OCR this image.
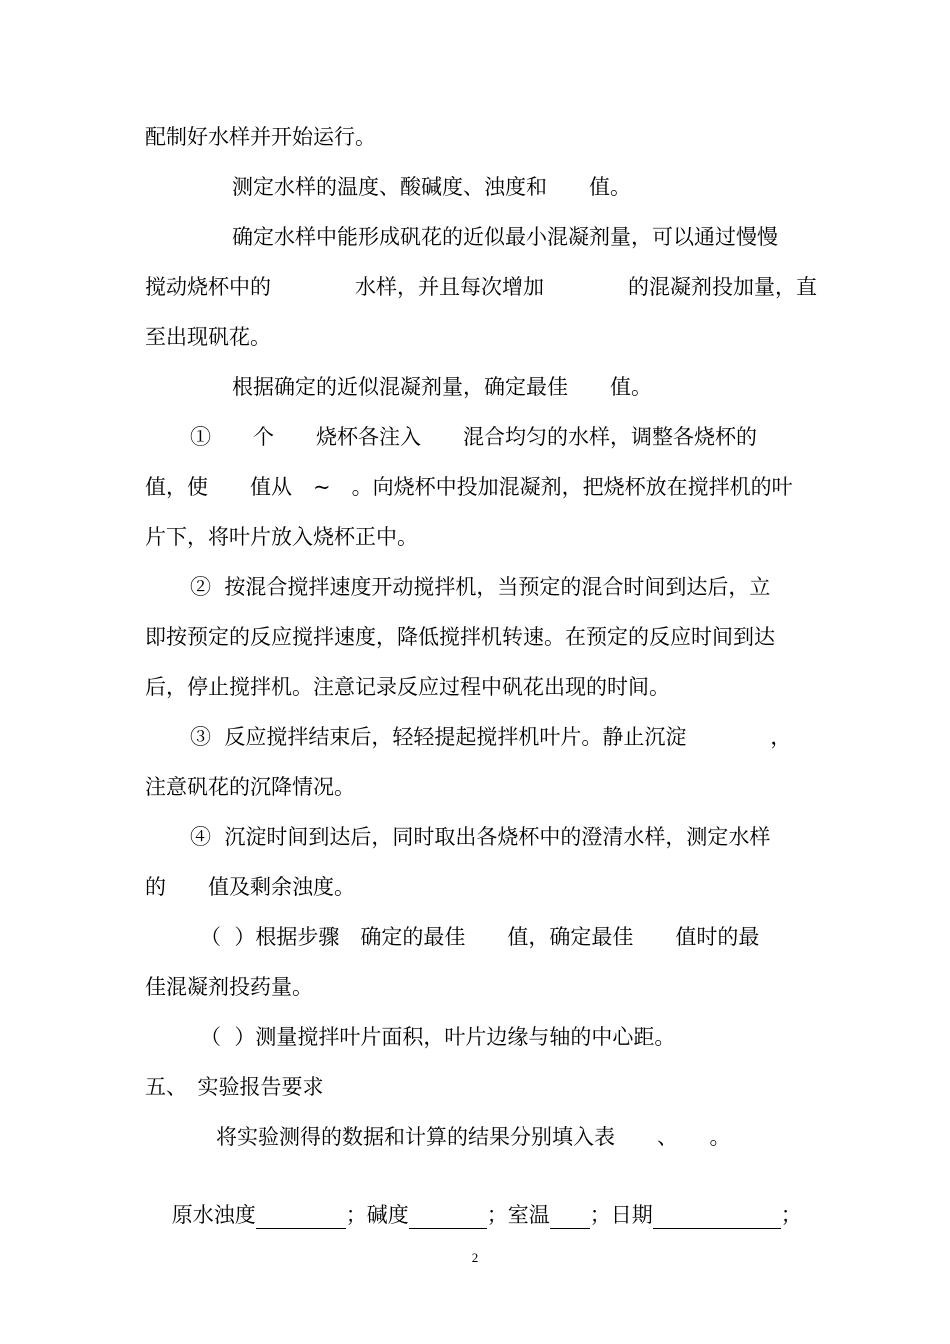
配制好水样并开始运行。
测定水样的温度、酸碱度、浊度和　　值。
确定水样中能形成矾花的近似最小混凝剂量，可以通过慢慢
搅动烧杯中的　　　　水样，并且每次增加　　　　的混凝剂投加量，直
至出现矾花。
根据确定的近似混凝剂量，确定最佳　　值。
①　　个　　烧杯各注入　　混合均匀的水样，调整各烧杯的
值，使　　值从　~　。向烧杯中投加混凝剂，把烧杯放在搅拌机的叶
片下，将叶片放入烧杯正中。
②  按混合搅拌速度开动搅拌机，当预定的混合时间到达后，立
即按预定的反应搅拌速度，降低搅拌机转速。在预定的反应时间到达
后，停止搅拌机。注意记录反应过程中矾花出现的时间。
③  反应搅拌结束后，轻轻提起搅拌机叶片。静止沉淀　　　　，
注意矾花的沉降情况。
④  沉淀时间到达后，同时取出各烧杯中的澄清水样，测定水样
的　　值及剩余浊度。
（  ）根据步骤　确定的最佳　　值，确定最佳　　值时的最
佳混凝剂投药量。
（  ）测量搅拌叶片面积，叶片边缘与轴的中心距。
五、　实验报告要求
将实验测得的数据和计算的结果分别填入表　　、　　。

原水浊度	；碱度	；室温 ；日期	；

2
